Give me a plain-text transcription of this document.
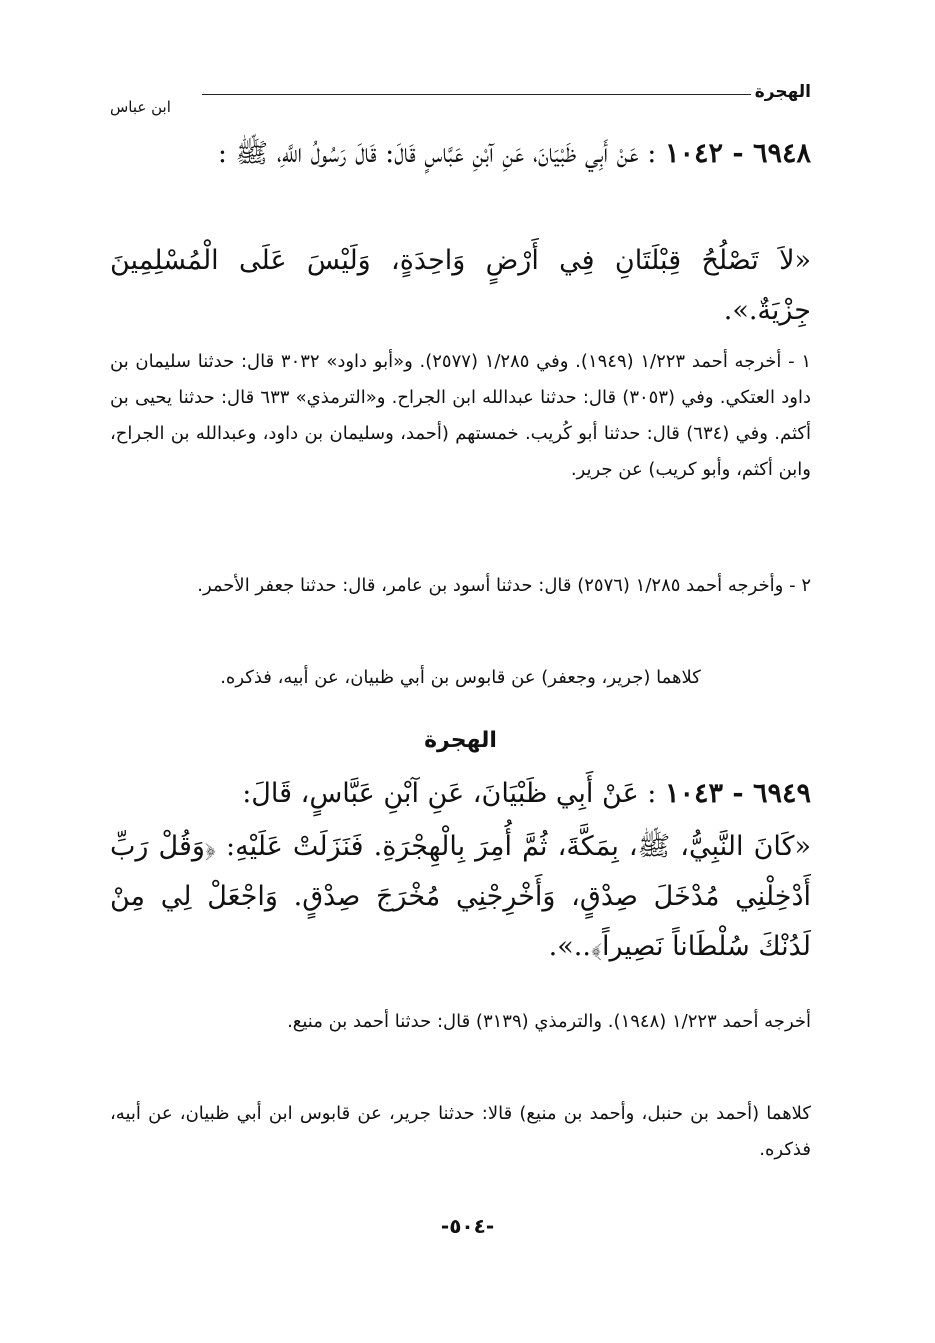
الهجرة
ابن عباس
٦٩٤٨ - ١٠٤٢ : عَنْ أَبِي ظَبْيَانَ، عَنِ آبْنِ عَبَّاسٍ قَالَ: قَالَ رَسُولُ اللَّهِ، ﷺ :
«لاَ تَصْلُحُ قِبْلَتَانِ فِي أَرْضٍ وَاحِدَةٍ، وَلَيْسَ عَلَى الْمُسْلِمِينَ جِزْيَةٌ.».
١ - أخرجه أحمد ١/٢٢٣ (١٩٤٩). وفي ١/٢٨٥ (٢٥٧٧). و«أبو داود» ٣٠٣٢ قال: حدثنا سليمان بن داود العتكي. وفي (٣٠٥٣) قال: حدثنا عبدالله ابن الجراح. و«الترمذي» ٦٣٣ قال: حدثنا يحيى بن أكثم. وفي (٦٣٤) قال: حدثنا أبو كُريب. خمستهم (أحمد، وسليمان بن داود، وعبدالله بن الجراح، وابن أكثم، وأبو كريب) عن جرير.
٢ - وأخرجه أحمد ١/٢٨٥ (٢٥٧٦) قال: حدثنا أسود بن عامر، قال: حدثنا جعفر الأحمر.
كلاهما (جرير، وجعفر) عن قابوس بن أبي ظبيان، عن أبيه، فذكره.
الهجرة
٦٩٤٩ - ١٠٤٣ : عَنْ أَبِي ظَبْيَانَ، عَنِ آبْنِ عَبَّاسٍ، قَالَ:
«كَانَ النَّبِيُّ، ﷺ، بِمَكَّةَ، ثُمَّ أُمِرَ بِالْهِجْرَةِ. فَنَزَلَتْ عَلَيْهِ: ﴿وَقُلْ رَبِّ أَدْخِلْنِي مُدْخَلَ صِدْقٍ، وَأَخْرِجْنِي مُخْرَجَ صِدْقٍ. وَاجْعَلْ لِي مِنْ لَدُنْكَ سُلْطَاناً نَصِيراً﴾..».
أخرجه أحمد ١/٢٢٣ (١٩٤٨). والترمذي (٣١٣٩) قال: حدثنا أحمد بن منيع.
كلاهما (أحمد بن حنبل، وأحمد بن منيع) قالا: حدثنا جرير، عن قابوس ابن أبي ظبيان، عن أبيه، فذكره.
-٥٠٤-
